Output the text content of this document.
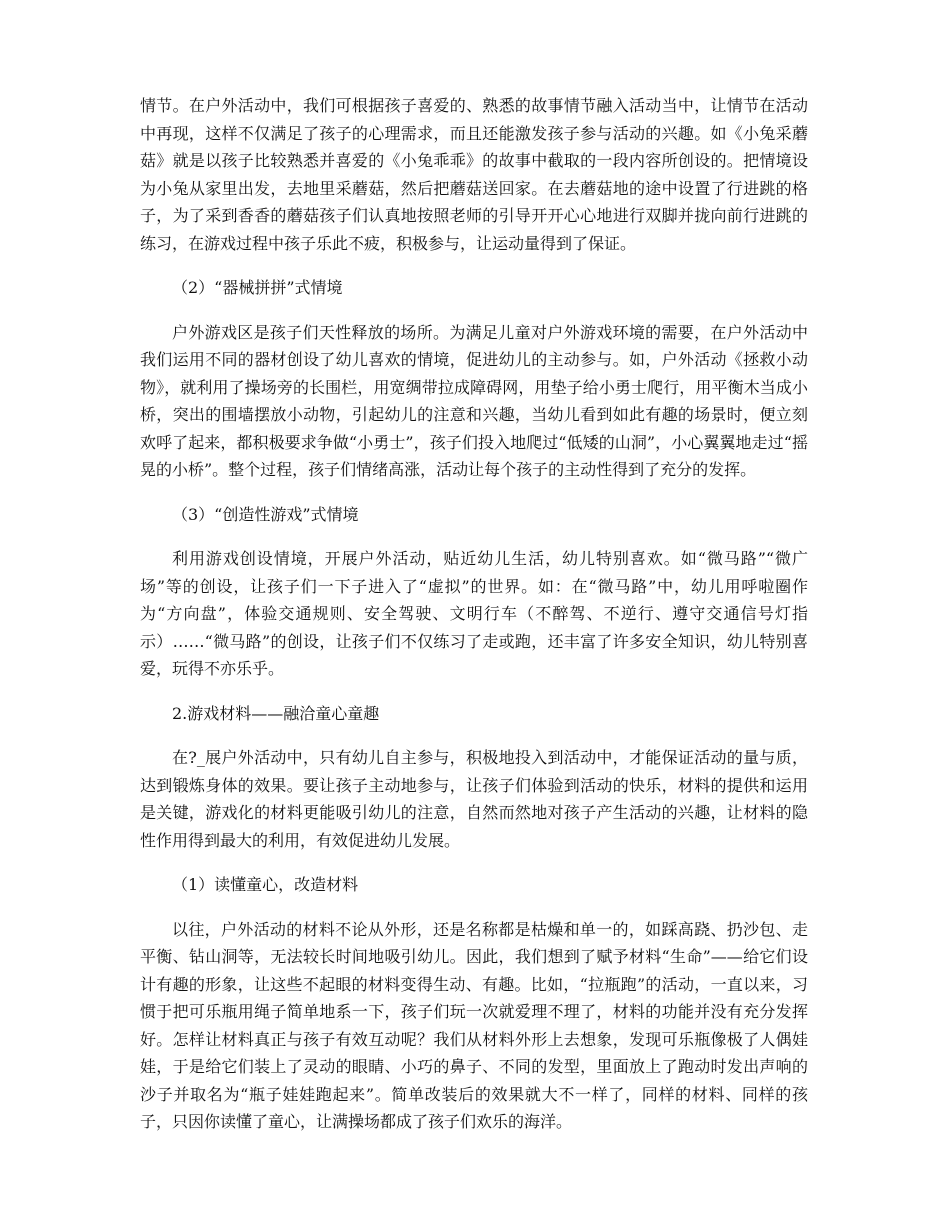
情节。在户外活动中，我们可根据孩子喜爱的、熟悉的故事情节融入活动当中，让情节在活动中再现，这样不仅满足了孩子的心理需求，而且还能激发孩子参与活动的兴趣。如《小兔采蘑菇》就是以孩子比较熟悉并喜爱的《小兔乖乖》的故事中截取的一段内容所创设的。把情境设为小兔从家里出发，去地里采蘑菇，然后把蘑菇送回家。在去蘑菇地的途中设置了行进跳的格子，为了采到香香的蘑菇孩子们认真地按照老师的引导开开心心地进行双脚并拢向前行进跳的练习，在游戏过程中孩子乐此不疲，积极参与，让运动量得到了保证。

（2）“器械拼拼”式情境

户外游戏区是孩子们天性释放的场所。为满足儿童对户外游戏环境的需要，在户外活动中我们运用不同的器材创设了幼儿喜欢的情境，促进幼儿的主动参与。如，户外活动《拯救小动物》，就利用了操场旁的长围栏，用宽绸带拉成障碍网，用垫子给小勇士爬行，用平衡木当成小桥，突出的围墙摆放小动物，引起幼儿的注意和兴趣，当幼儿看到如此有趣的场景时，便立刻欢呼了起来，都积极要求争做“小勇士”，孩子们投入地爬过“低矮的山洞”，小心翼翼地走过“摇晃的小桥”。整个过程，孩子们情绪高涨，活动让每个孩子的主动性得到了充分的发挥。

（3）“创造性游戏”式情境

利用游戏创设情境，开展户外活动，贴近幼儿生活，幼儿特别喜欢。如“微马路”“微广场”等的创设，让孩子们一下子进入了“虚拟”的世界。如：在“微马路”中，幼儿用呼啦圈作为“方向盘”，体验交通规则、安全驾驶、文明行车（不醉驾、不逆行、遵守交通信号灯指示）……“微马路”的创设，让孩子们不仅练习了走或跑，还丰富了许多安全知识，幼儿特别喜爱，玩得不亦乐乎。

2.游戏材料——融洽童心童趣

在?_展户外活动中，只有幼儿自主参与，积极地投入到活动中，才能保证活动的量与质，达到锻炼身体的效果。要让孩子主动地参与，让孩子们体验到活动的快乐，材料的提供和运用是关键，游戏化的材料更能吸引幼儿的注意，自然而然地对孩子产生活动的兴趣，让材料的隐性作用得到最大的利用，有效促进幼儿发展。

（1）读懂童心，改造材料

以往，户外活动的材料不论从外形，还是名称都是枯燥和单一的，如踩高跷、扔沙包、走平衡、钻山洞等，无法较长时间地吸引幼儿。因此，我们想到了赋予材料“生命”——给它们设计有趣的形象，让这些不起眼的材料变得生动、有趣。比如，“拉瓶跑”的活动，一直以来，习惯于把可乐瓶用绳子简单地系一下，孩子们玩一次就爱理不理了，材料的功能并没有充分发挥好。怎样让材料真正与孩子有效互动呢？我们从材料外形上去想象，发现可乐瓶像极了人偶娃娃，于是给它们装上了灵动的眼睛、小巧的鼻子、不同的发型，里面放上了跑动时发出声响的沙子并取名为“瓶子娃娃跑起来”。简单改装后的效果就大不一样了，同样的材料、同样的孩子，只因你读懂了童心，让满操场都成了孩子们欢乐的海洋。
